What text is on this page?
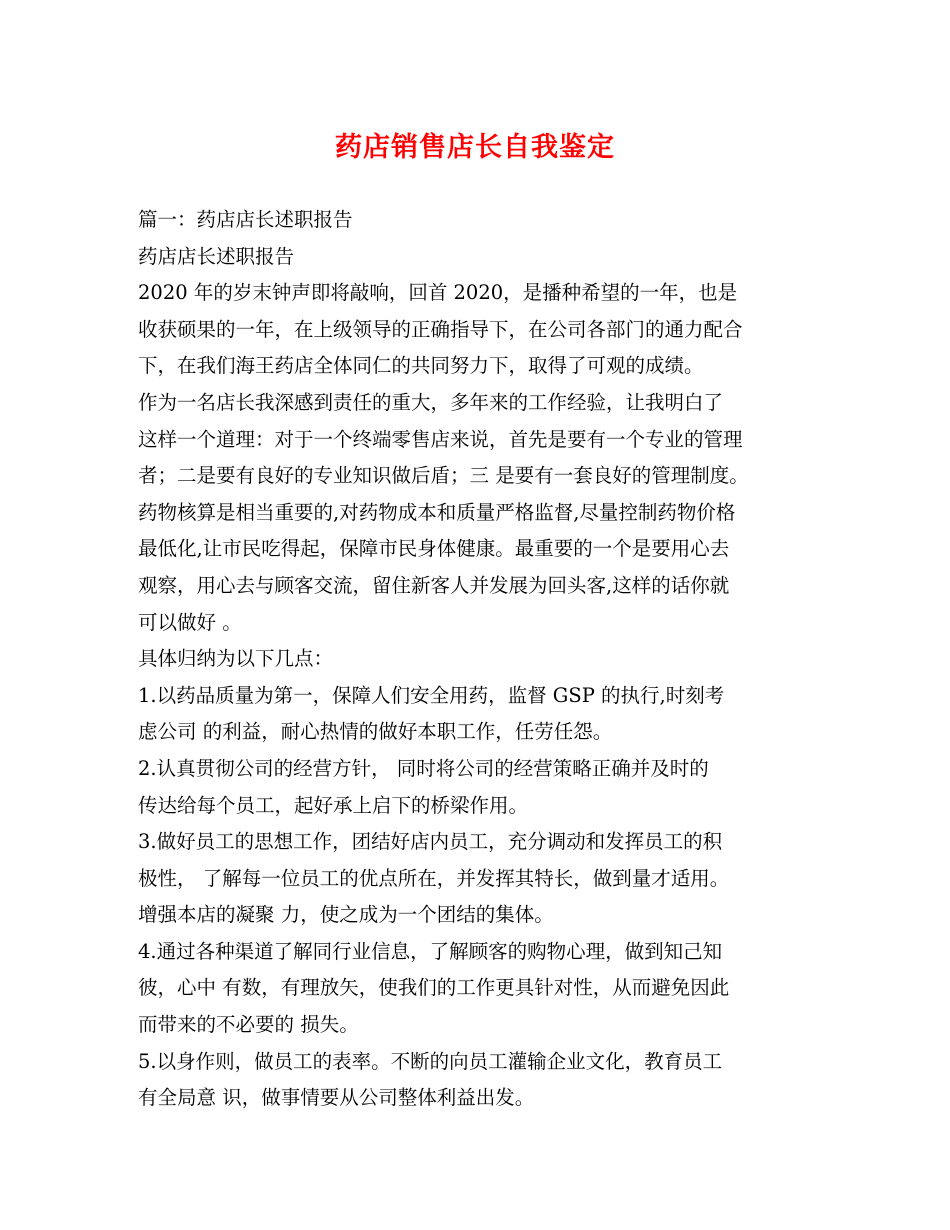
药店销售店长自我鉴定
篇一：药店店长述职报告
药店店长述职报告
2020 年的岁末钟声即将敲响，回首 2020，是播种希望的一年，也是
收获硕果的一年，在上级领导的正确指导下，在公司各部门的通力配合
下，在我们海王药店全体同仁的共同努力下，取得了可观的成绩。
作为一名店长我深感到责任的重大，多年来的工作经验，让我明白了
这样一个道理：对于一个终端零售店来说，首先是要有一个专业的管理
者；二是要有良好的专业知识做后盾；三 是要有一套良好的管理制度。
药物核算是相当重要的,对药物成本和质量严格监督,尽量控制药物价格
最低化,让市民吃得起，保障市民身体健康。最重要的一个是要用心去
观察，用心去与顾客交流，留住新客人并发展为回头客,这样的话你就
可以做好 。
具体归纳为以下几点：
1.以药品质量为第一，保障人们安全用药，监督 GSP 的执行,时刻考
虑公司 的利益，耐心热情的做好本职工作，任劳任怨。
2.认真贯彻公司的经营方针， 同时将公司的经营策略正确并及时的
传达给每个员工，起好承上启下的桥梁作用。
3.做好员工的思想工作，团结好店内员工，充分调动和发挥员工的积
极性， 了解每一位员工的优点所在，并发挥其特长，做到量才适用。
增强本店的凝聚 力，使之成为一个团结的集体。
4.通过各种渠道了解同行业信息，了解顾客的购物心理，做到知己知
彼，心中 有数，有理放矢，使我们的工作更具针对性，从而避免因此
而带来的不必要的 损失。
5.以身作则，做员工的表率。不断的向员工灌输企业文化，教育员工
有全局意 识，做事情要从公司整体利益出发。
